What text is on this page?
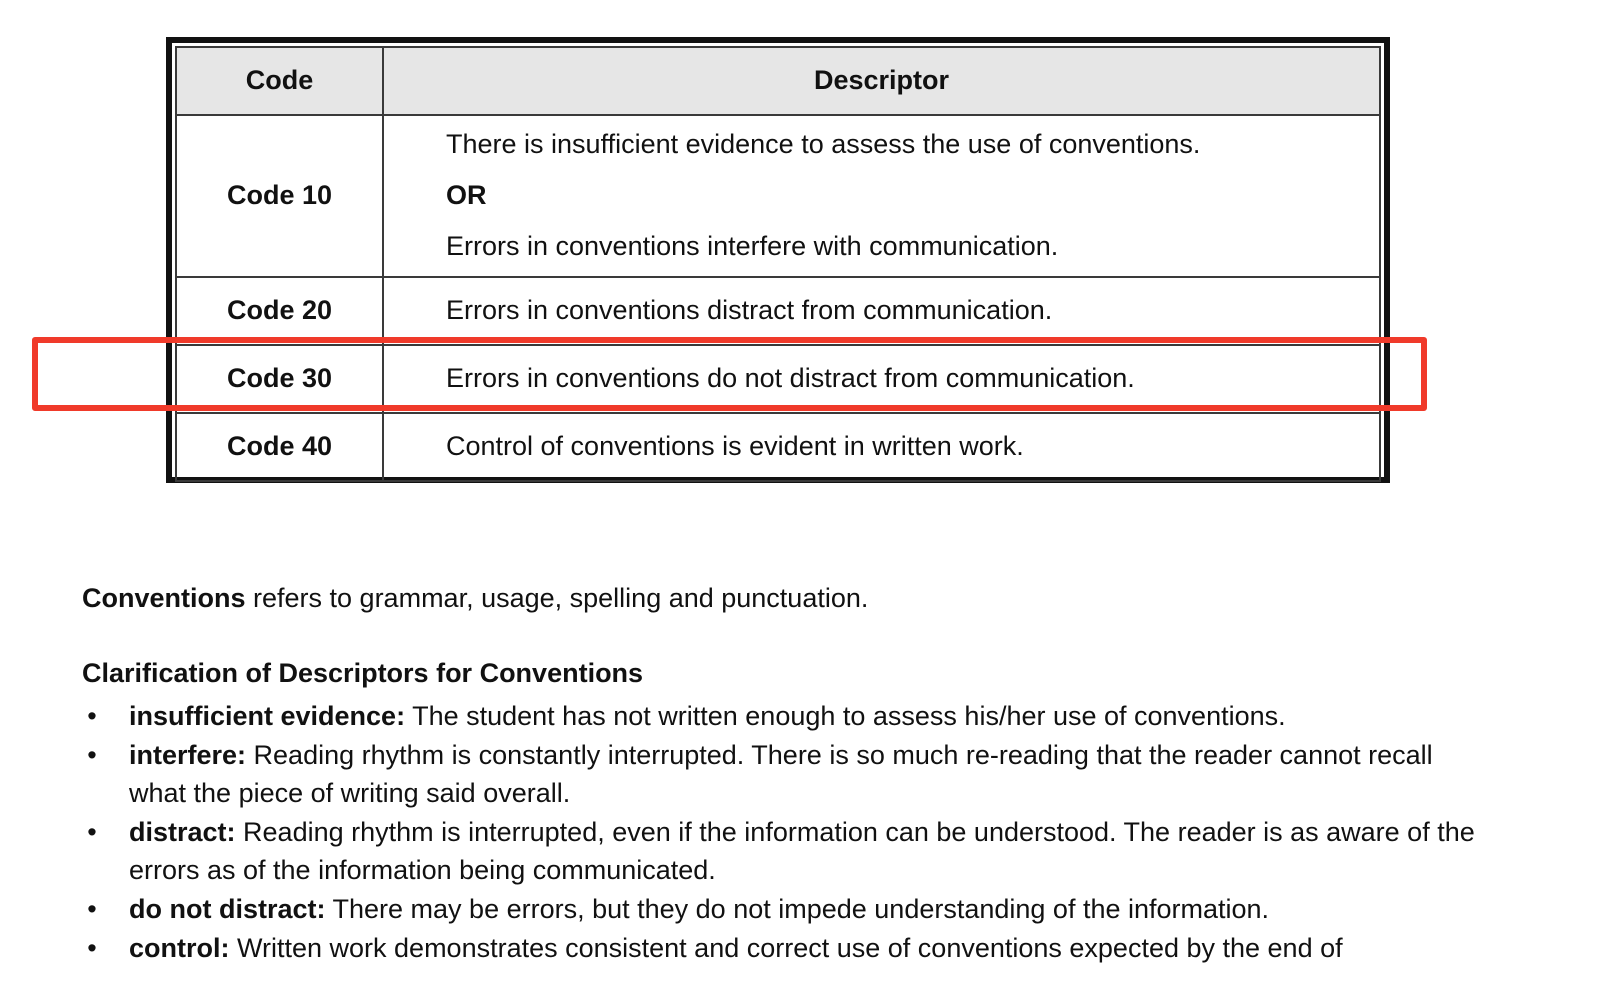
Code	Descriptor
Code 10	There is insufficient evidence to assess the use of conventions.
OR
Errors in conventions interfere with communication.

Code 20	Errors in conventions distract from communication.

Code 30	Errors in conventions do not distract from communication.

Code 40	Control of conventions is evident in written work.
Conventions refers to grammar, usage, spelling and punctuation.
Clarification of Descriptors for Conventions
• insufficient evidence: The student has not written enough to assess his/her use of conventions.
• interfere: Reading rhythm is constantly interrupted. There is so much re-reading that the reader cannot recall what the piece of writing said overall.
• distract: Reading rhythm is interrupted, even if the information can be understood. The reader is as aware of the errors as of the information being communicated.
• do not distract: There may be errors, but they do not impede understanding of the information.
• control: Written work demonstrates consistent and correct use of conventions expected by the end of
